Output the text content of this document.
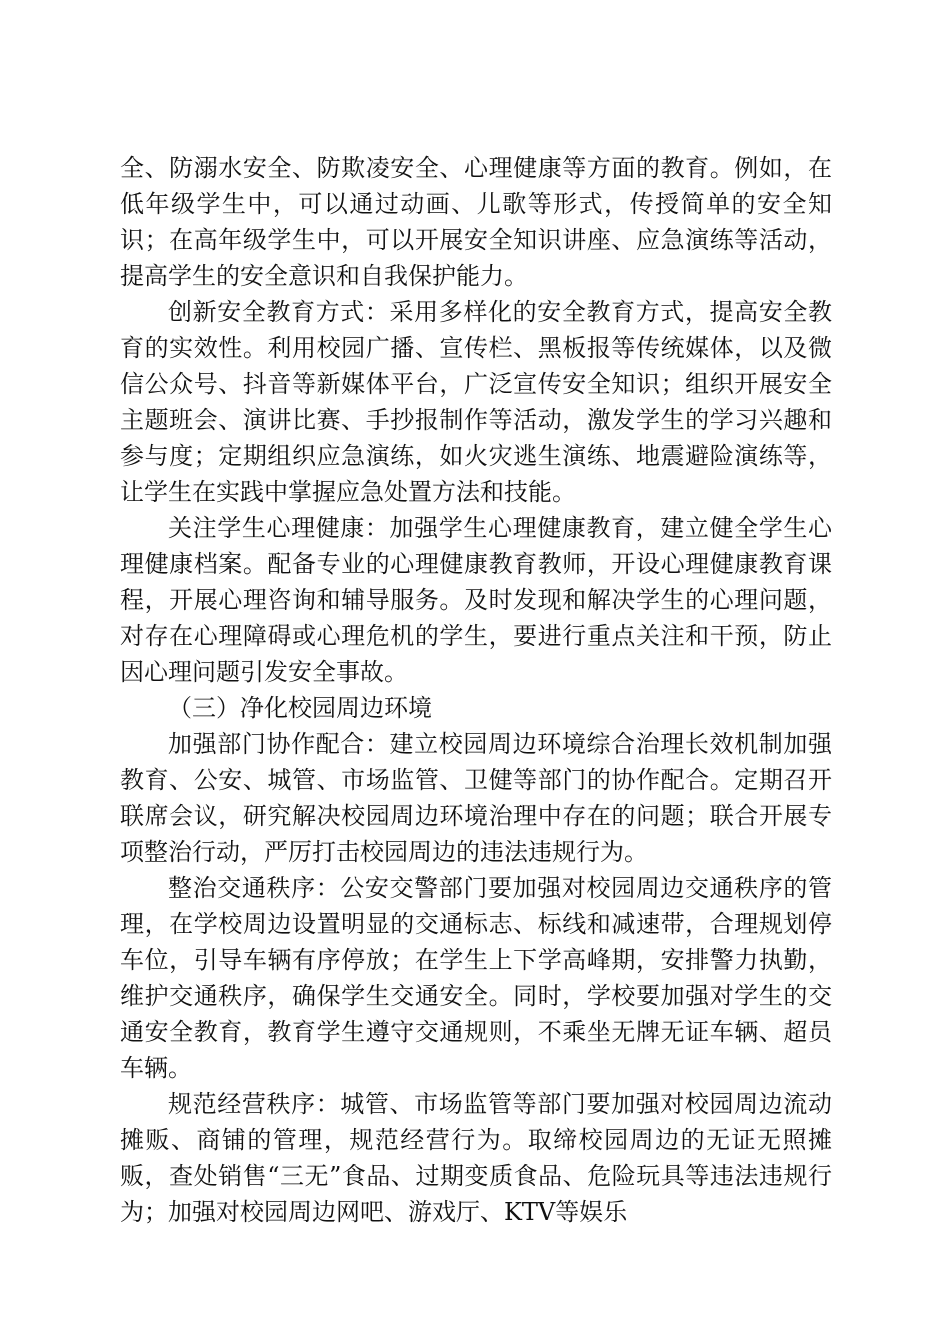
全、防溺水安全、防欺凌安全、心理健康等方面的教育。例如，在低年级学生中，可以通过动画、儿歌等形式，传授简单的安全知识；在高年级学生中，可以开展安全知识讲座、应急演练等活动，提高学生的安全意识和自我保护能力。

创新安全教育方式：采用多样化的安全教育方式，提高安全教育的实效性。利用校园广播、宣传栏、黑板报等传统媒体，以及微信公众号、抖音等新媒体平台，广泛宣传安全知识；组织开展安全主题班会、演讲比赛、手抄报制作等活动，激发学生的学习兴趣和参与度；定期组织应急演练，如火灾逃生演练、地震避险演练等，让学生在实践中掌握应急处置方法和技能。

关注学生心理健康：加强学生心理健康教育，建立健全学生心理健康档案。配备专业的心理健康教育教师，开设心理健康教育课程，开展心理咨询和辅导服务。及时发现和解决学生的心理问题，对存在心理障碍或心理危机的学生，要进行重点关注和干预，防止因心理问题引发安全事故。

（三）净化校园周边环境

加强部门协作配合：建立校园周边环境综合治理长效机制加强教育、公安、城管、市场监管、卫健等部门的协作配合。定期召开联席会议，研究解决校园周边环境治理中存在的问题；联合开展专项整治行动，严厉打击校园周边的违法违规行为。

整治交通秩序：公安交警部门要加强对校园周边交通秩序的管理，在学校周边设置明显的交通标志、标线和减速带，合理规划停车位，引导车辆有序停放；在学生上下学高峰期，安排警力执勤，维护交通秩序，确保学生交通安全。同时，学校要加强对学生的交通安全教育，教育学生遵守交通规则，不乘坐无牌无证车辆、超员车辆。

规范经营秩序：城管、市场监管等部门要加强对校园周边流动摊贩、商铺的管理，规范经营行为。取缔校园周边的无证无照摊贩，查处销售“三无”食品、过期变质食品、危险玩具等违法违规行为；加强对校园周边网吧、游戏厅、KTV等娱乐
